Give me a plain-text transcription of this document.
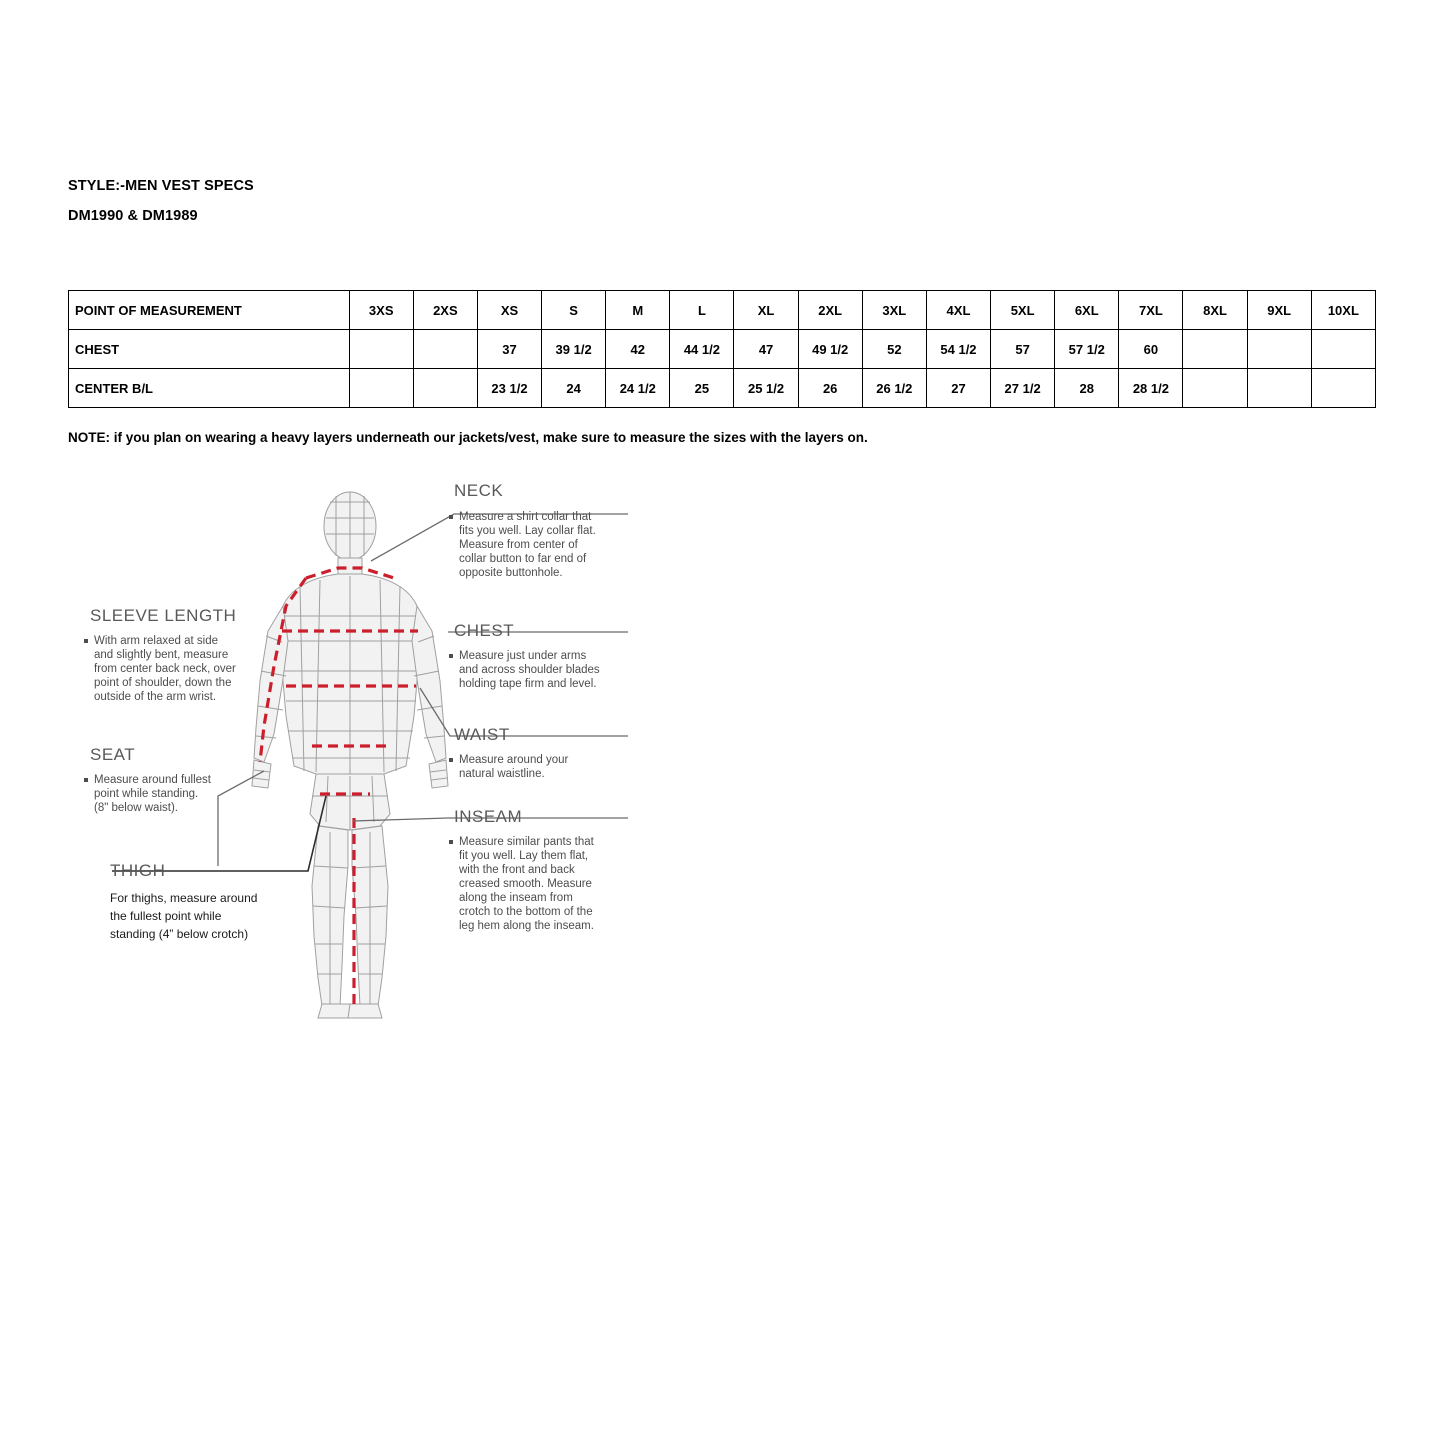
STYLE:-MEN VEST SPECS
DM1990 & DM1989
POINT OF MEASUREMENT	3XS	2XS	XS	S	M	L	XL	2XL	3XL	4XL	5XL	6XL	7XL	8XL	9XL	10XL
CHEST			37	39 1/2	42	44 1/2	47	49 1/2	52	54 1/2	57	57 1/2	60			
CENTER B/L			23 1/2	24	24 1/2	25	25 1/2	26	26 1/2	27	27 1/2	28	28 1/2			
NOTE: if you plan on wearing a heavy layers underneath our jackets/vest, make sure to measure the sizes with the layers on.
NECK
Measure a shirt collar that fits you well. Lay collar flat. Measure from center of collar button to far end of opposite buttonhole.
CHEST
Measure just under arms and across shoulder blades holding tape firm and level.
WAIST
Measure around your natural waistline.
INSEAM
Measure similar pants that fit you well. Lay them flat, with the front and back creased smooth. Measure along the inseam from crotch to the bottom of the leg hem along the inseam.
SLEEVE LENGTH
With arm relaxed at side and slightly bent, measure from center back neck, over point of shoulder, down the outside of the arm wrist.
SEAT
Measure around fullest point while standing. (8" below waist).
THIGH
For thighs, measure around the fullest point while standing (4” below crotch)
